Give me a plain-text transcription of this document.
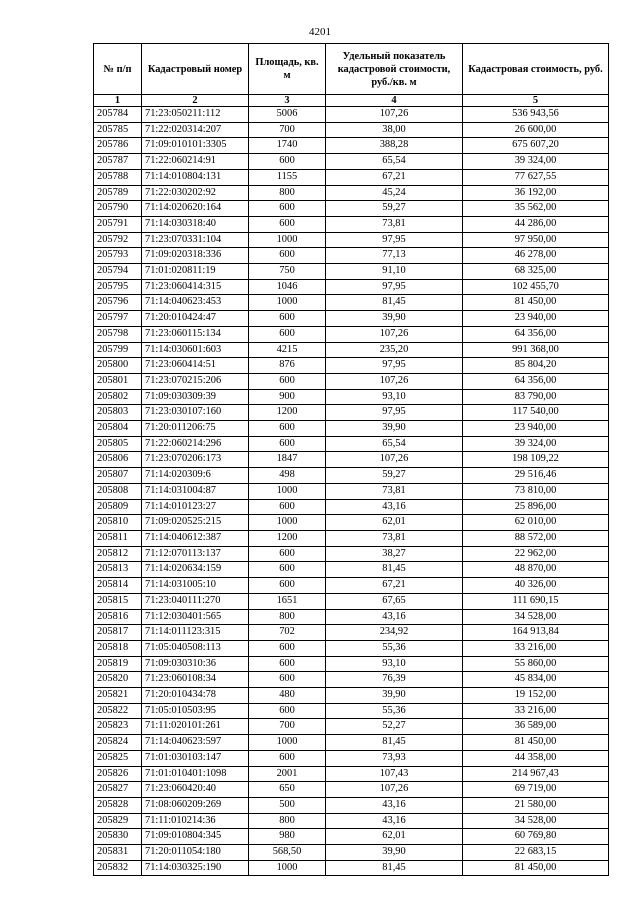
4201
№ п/п	Кадастровый номер	Площадь, кв. м	Удельный показатель кадастровой стоимости, руб./кв. м	Кадастровая стоимость, руб.
1	2	3	4	5
205784	71:23:050211:112	5006	107,26	536 943,56
205785	71:22:020314:207	700	38,00	26 600,00
205786	71:09:010101:3305	1740	388,28	675 607,20
205787	71:22:060214:91	600	65,54	39 324,00
205788	71:14:010804:131	1155	67,21	77 627,55
205789	71:22:030202:92	800	45,24	36 192,00
205790	71:14:020620:164	600	59,27	35 562,00
205791	71:14:030318:40	600	73,81	44 286,00
205792	71:23:070331:104	1000	97,95	97 950,00
205793	71:09:020318:336	600	77,13	46 278,00
205794	71:01:020811:19	750	91,10	68 325,00
205795	71:23:060414:315	1046	97,95	102 455,70
205796	71:14:040623:453	1000	81,45	81 450,00
205797	71:20:010424:47	600	39,90	23 940,00
205798	71:23:060115:134	600	107,26	64 356,00
205799	71:14:030601:603	4215	235,20	991 368,00
205800	71:23:060414:51	876	97,95	85 804,20
205801	71:23:070215:206	600	107,26	64 356,00
205802	71:09:030309:39	900	93,10	83 790,00
205803	71:23:030107:160	1200	97,95	117 540,00
205804	71:20:011206:75	600	39,90	23 940,00
205805	71:22:060214:296	600	65,54	39 324,00
205806	71:23:070206:173	1847	107,26	198 109,22
205807	71:14:020309:6	498	59,27	29 516,46
205808	71:14:031004:87	1000	73,81	73 810,00
205809	71:14:010123:27	600	43,16	25 896,00
205810	71:09:020525:215	1000	62,01	62 010,00
205811	71:14:040612:387	1200	73,81	88 572,00
205812	71:12:070113:137	600	38,27	22 962,00
205813	71:14:020634:159	600	81,45	48 870,00
205814	71:14:031005:10	600	67,21	40 326,00
205815	71:23:040111:270	1651	67,65	111 690,15
205816	71:12:030401:565	800	43,16	34 528,00
205817	71:14:011123:315	702	234,92	164 913,84
205818	71:05:040508:113	600	55,36	33 216,00
205819	71:09:030310:36	600	93,10	55 860,00
205820	71:23:060108:34	600	76,39	45 834,00
205821	71:20:010434:78	480	39,90	19 152,00
205822	71:05:010503:95	600	55,36	33 216,00
205823	71:11:020101:261	700	52,27	36 589,00
205824	71:14:040623:597	1000	81,45	81 450,00
205825	71:01:030103:147	600	73,93	44 358,00
205826	71:01:010401:1098	2001	107,43	214 967,43
205827	71:23:060420:40	650	107,26	69 719,00
205828	71:08:060209:269	500	43,16	21 580,00
205829	71:11:010214:36	800	43,16	34 528,00
205830	71:09:010804:345	980	62,01	60 769,80
205831	71:20:011054:180	568,50	39,90	22 683,15
205832	71:14:030325:190	1000	81,45	81 450,00
